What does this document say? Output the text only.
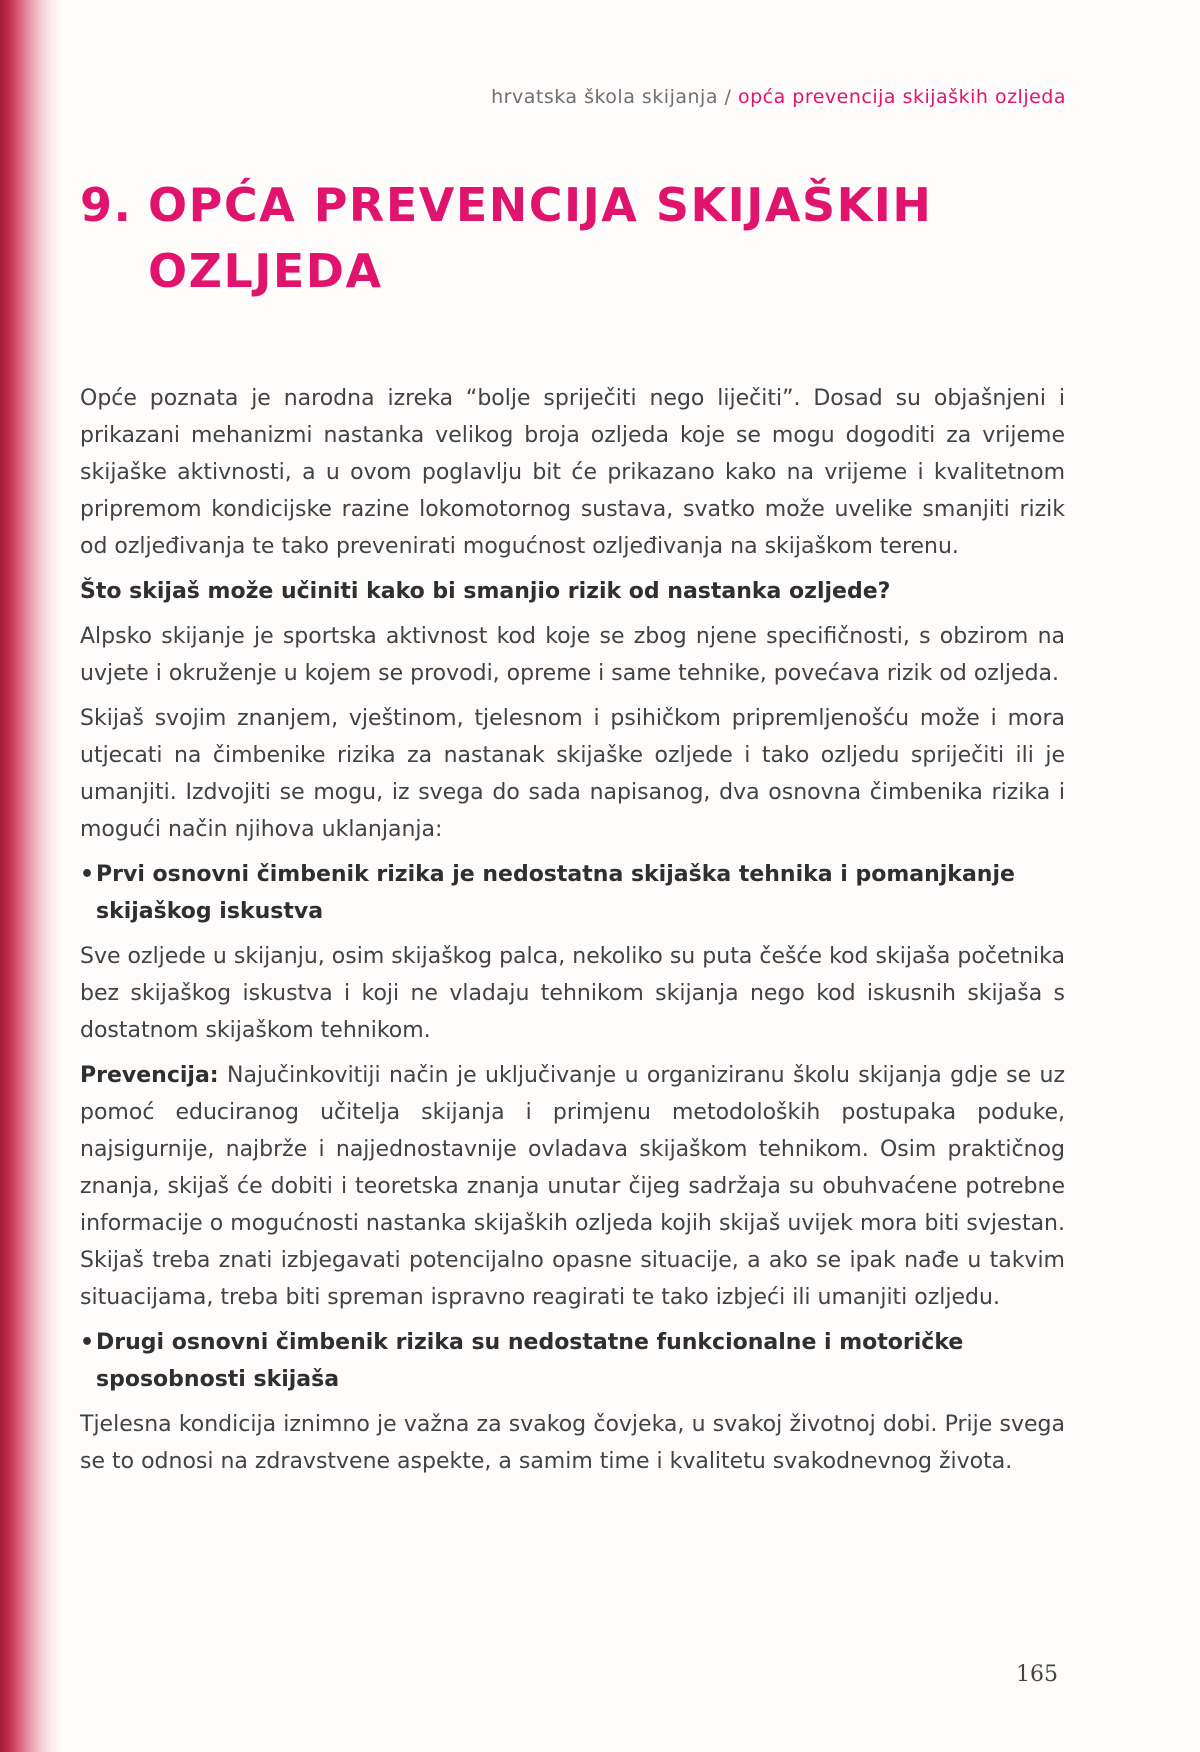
hrvatska škola skijanja / opća prevencija skijaških ozljeda
9. OPĆA PREVENCIJA SKIJAŠKIH OZLJEDA

Opće poznata je narodna izreka “bolje spriječiti nego liječiti”. Dosad su objašnjeni i prikazani mehanizmi nastanka velikog broja ozljeda koje se mogu dogoditi za vrijeme skijaške aktivnosti, a u ovom poglavlju bit će prikazano kako na vrijeme i kvalitetnom pripremom kondicijske razine lokomotornog sustava, svatko može uvelike smanjiti rizik od ozljeđivanja te tako prevenirati mogućnost ozljeđivanja na skijaškom terenu.

Što skijaš može učiniti kako bi smanjio rizik od nastanka ozljede?

Alpsko skijanje je sportska aktivnost kod koje se zbog njene specifičnosti, s obzirom na uvjete i okruženje u kojem se provodi, opreme i same tehnike, povećava rizik od ozljeda.

Skijaš svojim znanjem, vještinom, tjelesnom i psihičkom pripremljenošću može i mora utjecati na čimbenike rizika za nastanak skijaške ozljede i tako ozljedu spriječiti ili je umanjiti. Izdvojiti se mogu, iz svega do sada napisanog, dva osnovna čimbenika rizika i mogući način njihova uklanjanja:

• Prvi osnovni čimbenik rizika je nedostatna skijaška tehnika i pomanjkanje skijaškog iskustva

Sve ozljede u skijanju, osim skijaškog palca, nekoliko su puta češće kod skijaša početnika bez skijaškog iskustva i koji ne vladaju tehnikom skijanja nego kod iskusnih skijaša s dostatnom skijaškom tehnikom.

Prevencija: Najučinkovitiji način je uključivanje u organiziranu školu skijanja gdje se uz pomoć educiranog učitelja skijanja i primjenu metodoloških postupaka poduke, najsigurnije, najbrže i najjednostavnije ovladava skijaškom tehnikom. Osim praktičnog znanja, skijaš će dobiti i teoretska znanja unutar čijeg sadržaja su obuhvaćene potrebne informacije o mogućnosti nastanka skijaških ozljeda kojih skijaš uvijek mora biti svjestan. Skijaš treba znati izbjegavati potencijalno opasne situacije, a ako se ipak nađe u takvim situacijama, treba biti spreman ispravno reagirati te tako izbjeći ili umanjiti ozljedu.

• Drugi osnovni čimbenik rizika su nedostatne funkcionalne i motoričke sposobnosti skijaša

Tjelesna kondicija iznimno je važna za svakog čovjeka, u svakoj životnoj dobi. Prije svega se to odnosi na zdravstvene aspekte, a samim time i kvalitetu svakodnevnog života.

165
